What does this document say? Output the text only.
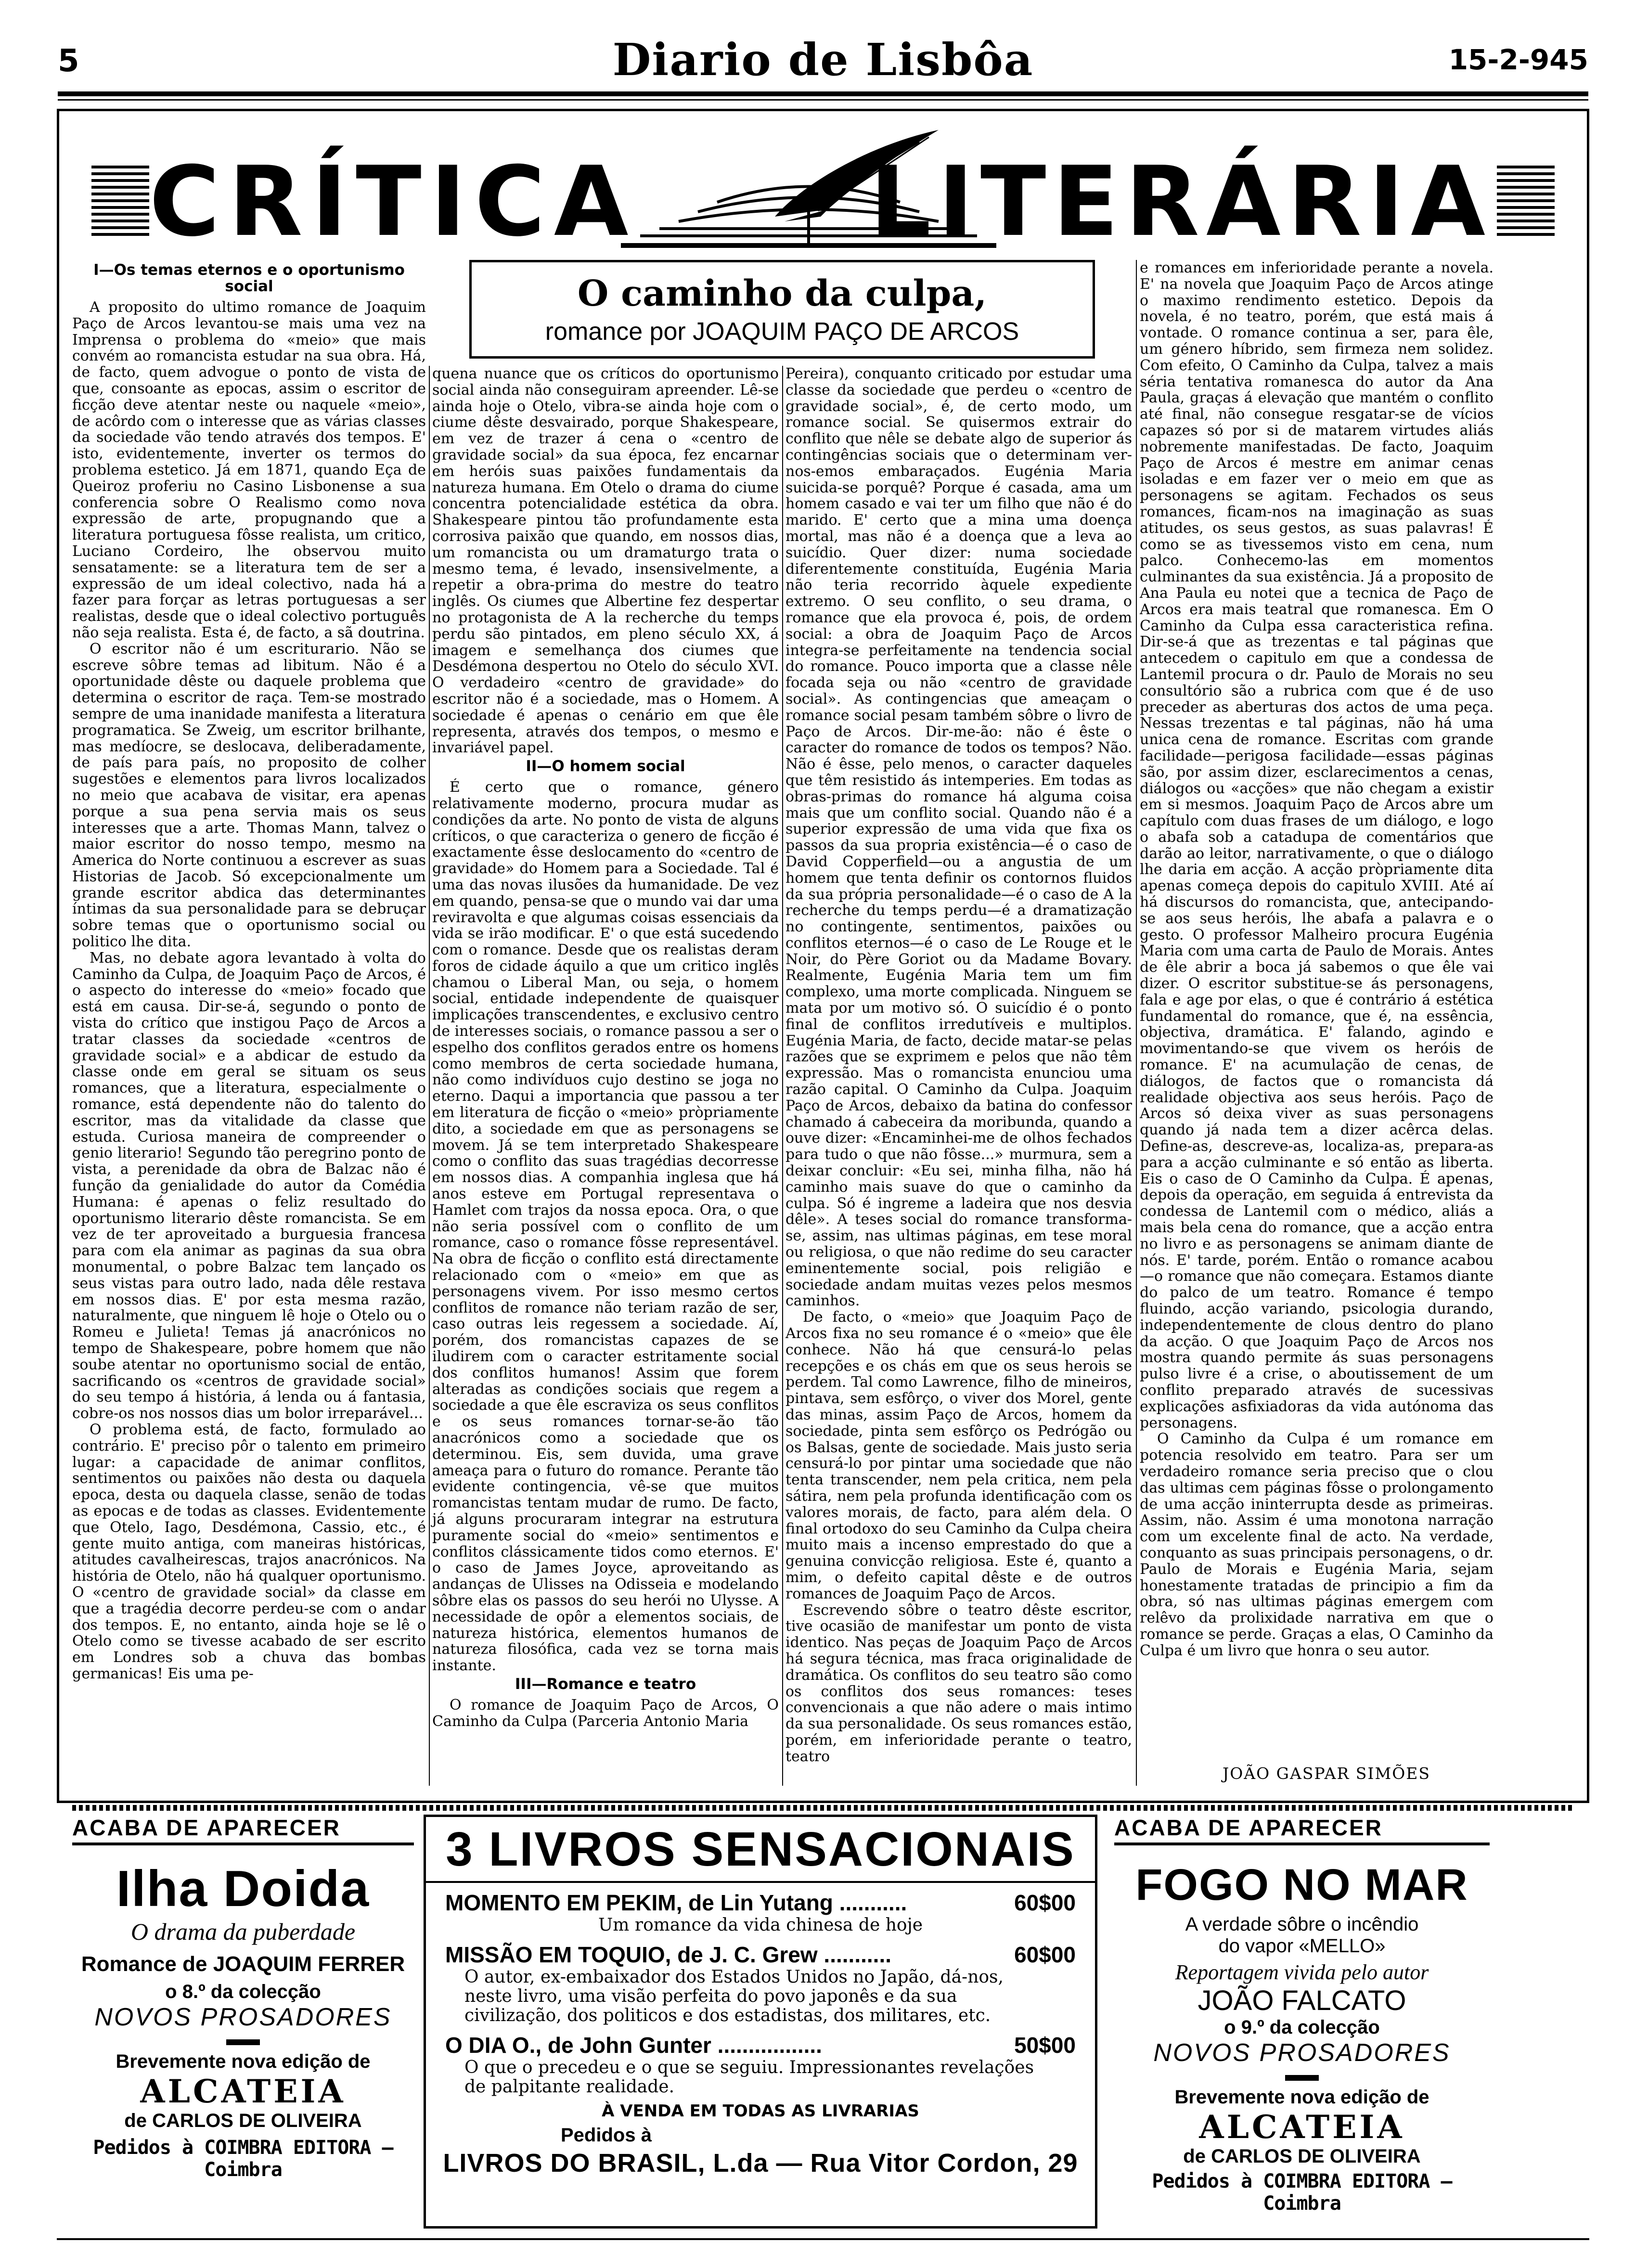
5	Diario de Lisbôa	15-2-945
CRÍTICA LITERÁRIA
O caminho da culpa,
romance por JOAQUIM PAÇO DE ARCOS
I—Os temas eternos e o oportunismo social

A proposito do ultimo romance de Joaquim Paço de Arcos levantou-se mais uma vez na Imprensa o problema do «meio» que mais convém ao romancista estudar na sua obra. Há, de facto, quem advogue o ponto de vista de que, consoante as epocas, assim o escritor de ficção deve atentar neste ou naquele «meio», de acôrdo com o interesse que as várias classes da sociedade vão tendo através dos tempos. E' isto, evidentemente, inverter os termos do problema estetico. Já em 1871, quando Eça de Queiroz proferiu no Casino Lisbonense a sua conferencia sobre O Realismo como nova expressão de arte, propugnando que a literatura portuguesa fôsse realista, um critico, Luciano Cordeiro, lhe observou muito sensatamente: se a literatura tem de ser a expressão de um ideal colectivo, nada há a fazer para forçar as letras portuguesas a ser realistas, desde que o ideal colectivo português não seja realista. Esta é, de facto, a sã doutrina.

O escritor não é um escriturario. Não se escreve sôbre temas ad libitum. Não é a oportunidade dêste ou daquele problema que determina o escritor de raça. Tem-se mostrado sempre de uma inanidade manifesta a literatura programatica. Se Zweig, um escritor brilhante, mas medíocre, se deslocava, deliberadamente, de país para país, no proposito de colher sugestões e elementos para livros localizados no meio que acabava de visitar, era apenas porque a sua pena servia mais os seus interesses que a arte. Thomas Mann, talvez o maior escritor do nosso tempo, mesmo na America do Norte continuou a escrever as suas Historias de Jacob. Só excepcionalmente um grande escritor abdica das determinantes íntimas da sua personalidade para se debruçar sobre temas que o oportunismo social ou politico lhe dita.

Mas, no debate agora levantado à volta do Caminho da Culpa, de Joaquim Paço de Arcos, é o aspecto do interesse do «meio» focado que está em causa. Dir-se-á, segundo o ponto de vista do crítico que instigou Paço de Arcos a tratar classes da sociedade «centros de gravidade social» e a abdicar de estudo da classe onde em geral se situam os seus romances, que a literatura, especialmente o romance, está dependente não do talento do escritor, mas da vitalidade da classe que estuda. Curiosa maneira de compreender o genio literario! Segundo tão peregrino ponto de vista, a perenidade da obra de Balzac não é função da genialidade do autor da Comédia Humana: é apenas o feliz resultado do oportunismo literario dêste romancista. Se em vez de ter aproveitado a burguesia francesa para com ela animar as paginas da sua obra monumental, o pobre Balzac tem lançado os seus vistas para outro lado, nada dêle restava em nossos dias. E' por esta mesma razão, naturalmente, que ninguem lê hoje o Otelo ou o Romeu e Julieta! Temas já anacrónicos no tempo de Shakespeare, pobre homem que não soube atentar no oportunismo social de então, sacrificando os «centros de gravidade social» do seu tempo á história, á lenda ou á fantasia, cobre-os nos nossos dias um bolor irreparável...

O problema está, de facto, formulado ao contrário. E' preciso pôr o talento em primeiro lugar: a capacidade de animar conflitos, sentimentos ou paixões não desta ou daquela epoca, desta ou daquela classe, senão de todas as epocas e de todas as classes. Evidentemente que Otelo, Iago, Desdémona, Cassio, etc., é gente muito antiga, com maneiras históricas, atitudes cavalheirescas, trajos anacrónicos. Na história de Otelo, não há qualquer oportunismo. O «centro de gravidade social» da classe em que a tragédia decorre perdeu-se com o andar dos tempos. E, no entanto, ainda hoje se lê o Otelo como se tivesse acabado de ser escrito em Londres sob a chuva das bombas germanicas! Eis uma pe-

quena nuance que os críticos do oportunismo social ainda não conseguiram apreender. Lê-se ainda hoje o Otelo, vibra-se ainda hoje com o ciume dêste desvairado, porque Shakespeare, em vez de trazer á cena o «centro de gravidade social» da sua época, fez encarnar em heróis suas paixões fundamentais da natureza humana. Em Otelo o drama do ciume concentra potencialidade estética da obra. Shakespeare pintou tão profundamente esta corrosiva paixão que quando, em nossos dias, um romancista ou um dramaturgo trata o mesmo tema, é levado, insensivelmente, a repetir a obra-prima do mestre do teatro inglês. Os ciumes que Albertine fez despertar no protagonista de A la recherche du temps perdu são pintados, em pleno século XX, á imagem e semelhança dos ciumes que Desdémona despertou no Otelo do século XVI. O verdadeiro «centro de gravidade» do escritor não é a sociedade, mas o Homem. A sociedade é apenas o cenário em que êle representa, através dos tempos, o mesmo e invariável papel.

II—O homem social

É certo que o romance, género relativamente moderno, procura mudar as condições da arte. No ponto de vista de alguns críticos, o que caracteriza o genero de ficção é exactamente êsse deslocamento do «centro de gravidade» do Homem para a Sociedade. Tal é uma das novas ilusões da humanidade. De vez em quando, pensa-se que o mundo vai dar uma reviravolta e que algumas coisas essenciais da vida se irão modificar. E' o que está sucedendo com o romance. Desde que os realistas deram foros de cidade áquilo a que um critico inglês chamou o Liberal Man, ou seja, o homem social, entidade independente de quaisquer implicações transcendentes, e exclusivo centro de interesses sociais, o romance passou a ser o espelho dos conflitos gerados entre os homens como membros de certa sociedade humana, não como indivíduos cujo destino se joga no eterno. Daqui a importancia que passou a ter em literatura de ficção o «meio» pròpriamente dito, a sociedade em que as personagens se movem. Já se tem interpretado Shakespeare como o conflito das suas tragédias decorresse em nossos dias. A companhia inglesa que há anos esteve em Portugal representava o Hamlet com trajos da nossa epoca. Ora, o que não seria possível com o conflito de um romance, caso o romance fôsse representável. Na obra de ficção o conflito está directamente relacionado com o «meio» em que as personagens vivem. Por isso mesmo certos conflitos de romance não teriam razão de ser, caso outras leis regessem a sociedade. Aí, porém, dos romancistas capazes de se iludirem com o caracter estritamente social dos conflitos humanos! Assim que forem alteradas as condições sociais que regem a sociedade a que êle escraviza os seus conflitos e os seus romances tornar-se-ão tão anacrónicos como a sociedade que os determinou. Eis, sem duvida, uma grave ameaça para o futuro do romance. Perante tão evidente contingencia, vê-se que muitos romancistas tentam mudar de rumo. De facto, já alguns procuraram integrar na estrutura puramente social do «meio» sentimentos e conflitos clássicamente tidos como eternos. E' o caso de James Joyce, aproveitando as andanças de Ulisses na Odisseia e modelando sôbre elas os passos do seu herói no Ulysse. A necessidade de opôr a elementos sociais, de natureza histórica, elementos humanos de natureza filosófica, cada vez se torna mais instante.

III—Romance e teatro

O romance de Joaquim Paço de Arcos, O Caminho da Culpa (Parceria Antonio Maria

Pereira), conquanto criticado por estudar uma classe da sociedade que perdeu o «centro de gravidade social», é, de certo modo, um romance social. Se quisermos extrair do conflito que nêle se debate algo de superior ás contingências sociais que o determinam ver-nos-emos embaraçados. Eugénia Maria suicida-se porquê? Porque é casada, ama um homem casado e vai ter um filho que não é do marido. E' certo que a mina uma doença mortal, mas não é a doença que a leva ao suicídio. Quer dizer: numa sociedade diferentemente constituída, Eugénia Maria não teria recorrido àquele expediente extremo. O seu conflito, o seu drama, o romance que ela provoca é, pois, de ordem social: a obra de Joaquim Paço de Arcos integra-se perfeitamente na tendencia social do romance. Pouco importa que a classe nêle focada seja ou não «centro de gravidade social». As contingencias que ameaçam o romance social pesam também sôbre o livro de Paço de Arcos. Dir-me-ão: não é êste o caracter do romance de todos os tempos? Não. Não é êsse, pelo menos, o caracter daqueles que têm resistido ás intemperies. Em todas as obras-primas do romance há alguma coisa mais que um conflito social. Quando não é a superior expressão de uma vida que fixa os passos da sua propria existência—é o caso de David Copperfield—ou a angustia de um homem que tenta definir os contornos fluidos da sua própria personalidade—é o caso de A la recherche du temps perdu—é a dramatização no contingente, sentimentos, paixões ou conflitos eternos—é o caso de Le Rouge et le Noir, do Père Goriot ou da Madame Bovary. Realmente, Eugénia Maria tem um fim complexo, uma morte complicada. Ninguem se mata por um motivo só. O suicídio é o ponto final de conflitos irredutíveis e multiplos. Eugénia Maria, de facto, decide matar-se pelas razões que se exprimem e pelos que não têm expressão. Mas o romancista enunciou uma razão capital. O Caminho da Culpa. Joaquim Paço de Arcos, debaixo da batina do confessor chamado á cabeceira da moribunda, quando a ouve dizer: «Encaminhei-me de olhos fechados para tudo o que não fôsse...» murmura, sem a deixar concluir: «Eu sei, minha filha, não há caminho mais suave do que o caminho da culpa. Só é ingreme a ladeira que nos desvia dêle». A teses social do romance transforma-se, assim, nas ultimas páginas, em tese moral ou religiosa, o que não redime do seu caracter eminentemente social, pois religião e sociedade andam muitas vezes pelos mesmos caminhos.

De facto, o «meio» que Joaquim Paço de Arcos fixa no seu romance é o «meio» que êle conhece. Não há que censurá-lo pelas recepções e os chás em que os seus herois se perdem. Tal como Lawrence, filho de mineiros, pintava, sem esfôrço, o viver dos Morel, gente das minas, assim Paço de Arcos, homem da sociedade, pinta sem esfôrço os Pedrógão ou os Balsas, gente de sociedade. Mais justo seria censurá-lo por pintar uma sociedade que não tenta transcender, nem pela critica, nem pela sátira, nem pela profunda identificação com os valores morais, de facto, para além dela. O final ortodoxo do seu Caminho da Culpa cheira muito mais a incenso emprestado do que a genuina convicção religiosa. Este é, quanto a mim, o defeito capital dêste e de outros romances de Joaquim Paço de Arcos.

Escrevendo sôbre o teatro dêste escritor, tive ocasião de manifestar um ponto de vista identico. Nas peças de Joaquim Paço de Arcos há segura técnica, mas fraca originalidade de dramática. Os conflitos do seu teatro são como os conflitos dos seus romances: teses convencionais a que não adere o mais intimo da sua personalidade. Os seus romances estão, porém, em inferioridade perante o teatro, teatro

e romances em inferioridade perante a novela. E' na novela que Joaquim Paço de Arcos atinge o maximo rendimento estetico. Depois da novela, é no teatro, porém, que está mais á vontade. O romance continua a ser, para êle, um género híbrido, sem firmeza nem solidez. Com efeito, O Caminho da Culpa, talvez a mais séria tentativa romanesca do autor da Ana Paula, graças á elevação que mantém o conflito até final, não consegue resgatar-se de vícios capazes só por si de matarem virtudes aliás nobremente manifestadas. De facto, Joaquim Paço de Arcos é mestre em animar cenas isoladas e em fazer ver o meio em que as personagens se agitam. Fechados os seus romances, ficam-nos na imaginação as suas atitudes, os seus gestos, as suas palavras! É como se as tivessemos visto em cena, num palco. Conhecemo-las em momentos culminantes da sua existência. Já a proposito de Ana Paula eu notei que a tecnica de Paço de Arcos era mais teatral que romanesca. Em O Caminho da Culpa essa caracteristica refina. Dir-se-á que as trezentas e tal páginas que antecedem o capitulo em que a condessa de Lantemil procura o dr. Paulo de Morais no seu consultório são a rubrica com que é de uso preceder as aberturas dos actos de uma peça. Nessas trezentas e tal páginas, não há uma unica cena de romance. Escritas com grande facilidade—perigosa facilidade—essas páginas são, por assim dizer, esclarecimentos a cenas, diálogos ou «acções» que não chegam a existir em si mesmos. Joaquim Paço de Arcos abre um capítulo com duas frases de um diálogo, e logo o abafa sob a catadupa de comentários que darão ao leitor, narrativamente, o que o diálogo lhe daria em acção. A acção pròpriamente dita apenas começa depois do capitulo XVIII. Até aí há discursos do romancista, que, antecipando-se aos seus heróis, lhe abafa a palavra e o gesto. O professor Malheiro procura Eugénia Maria com uma carta de Paulo de Morais. Antes de êle abrir a boca já sabemos o que êle vai dizer. O escritor substitue-se ás personagens, fala e age por elas, o que é contrário á estética fundamental do romance, que é, na essência, objectiva, dramática. E' falando, agindo e movimentando-se que vivem os heróis de romance. E' na acumulação de cenas, de diálogos, de factos que o romancista dá realidade objectiva aos seus heróis. Paço de Arcos só deixa viver as suas personagens quando já nada tem a dizer acêrca delas. Define-as, descreve-as, localiza-as, prepara-as para a acção culminante e só então as liberta. Eis o caso de O Caminho da Culpa. É apenas, depois da operação, em seguida á entrevista da condessa de Lantemil com o médico, aliás a mais bela cena do romance, que a acção entra no livro e as personagens se animam diante de nós. E' tarde, porém. Então o romance acabou—o romance que não começara. Estamos diante do palco de um teatro. Romance é tempo fluindo, acção variando, psicologia durando, independentemente de clous dentro do plano da acção. O que Joaquim Paço de Arcos nos mostra quando permite ás suas personagens pulso livre é a crise, o aboutissement de um conflito preparado através de sucessivas explicações asfixiadoras da vida autónoma das personagens.

O Caminho da Culpa é um romance em potencia resolvido em teatro. Para ser um verdadeiro romance seria preciso que o clou das ultimas cem páginas fôsse o prolongamento de uma acção ininterrupta desde as primeiras. Assim, não. Assim é uma monotona narração com um excelente final de acto. Na verdade, conquanto as suas principais personagens, o dr. Paulo de Morais e Eugénia Maria, sejam honestamente tratadas de principio a fim da obra, só nas ultimas páginas emergem com relêvo da prolixidade narrativa em que o romance se perde. Graças a elas, O Caminho da Culpa é um livro que honra o seu autor.

JOÃO GASPAR SIMÕES
ACABA DE APARECER
Ilha Doida
O drama da puberdade
Romance de JOAQUIM FERRER
o 8.º da colecção
NOVOS PROSADORES
Brevemente nova edição de
ALCATEIA
de CARLOS DE OLIVEIRA
Pedidos à COIMBRA EDITORA — Coimbra
3 LIVROS SENSACIONAIS
MOMENTO EM PEKIM, de Lin Yutang ...........	60$00
Um romance da vida chinesa de hoje
MISSÃO EM TOQUIO, de J. C. Grew ...........	60$00
O autor, ex-embaixador dos Estados Unidos no Japão, dá-nos, neste livro, uma visão perfeita do povo japonês e da sua civilização, dos politicos e dos estadistas, dos militares, etc.
O DIA O., de John Gunter .................	50$00
O que o precedeu e o que se seguiu. Impressionantes revelações de palpitante realidade.
À VENDA EM TODAS AS LIVRARIAS
Pedidos à
LIVROS DO BRASIL, L.da — Rua Vitor Cordon, 29
ACABA DE APARECER
FOGO NO MAR
A verdade sôbre o incêndio
do vapor «MELLO»
Reportagem vivida pelo autor
JOÃO FALCATO
o 9.º da colecção
NOVOS PROSADORES
Brevemente nova edição de
ALCATEIA
de CARLOS DE OLIVEIRA
Pedidos à COIMBRA EDITORA — Coimbra
